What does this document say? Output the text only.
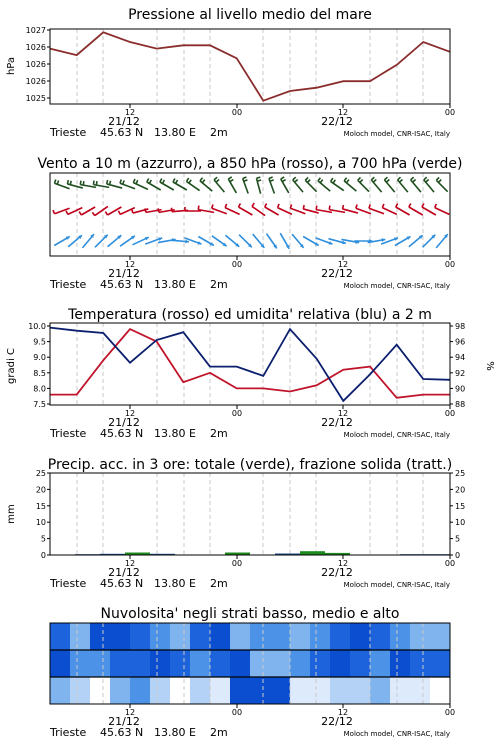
Pressione al livello medio del mare
1025
1026
1026
1026
1027
hPa
12	00	12	00
21/12	22/12
Trieste 45.63 N 13.80 E 2m	Moloch model, CNR-ISAC, Italy
Vento a 10 m (azzurro), a 850 hPa (rosso), a 700 hPa (verde)
12	00	12	00
21/12	22/12
Trieste 45.63 N 13.80 E 2m	Moloch model, CNR-ISAC, Italy
Temperatura (rosso) ed umidita' relativa (blu) a 2 m
10.0
9.5
9.0
8.5
8.0
7.5
98
96
94
92
90
88
gradi C	%
12	00	12	00
21/12	22/12
Trieste 45.63 N 13.80 E 2m	Moloch model, CNR-ISAC, Italy
Precip. acc. in 3 ore: totale (verde), frazione solida (tratt.)
25	25
20	20
15	15
10	10
5	5
0	0
mm
12	00	12	00
21/12	22/12
Trieste 45.63 N 13.80 E 2m	Moloch model, CNR-ISAC, Italy
Nuvolosita' negli strati basso, medio e alto
12	00	12	00
21/12	22/12
Trieste 45.63 N 13.80 E 2m	Moloch model, CNR-ISAC, Italy
